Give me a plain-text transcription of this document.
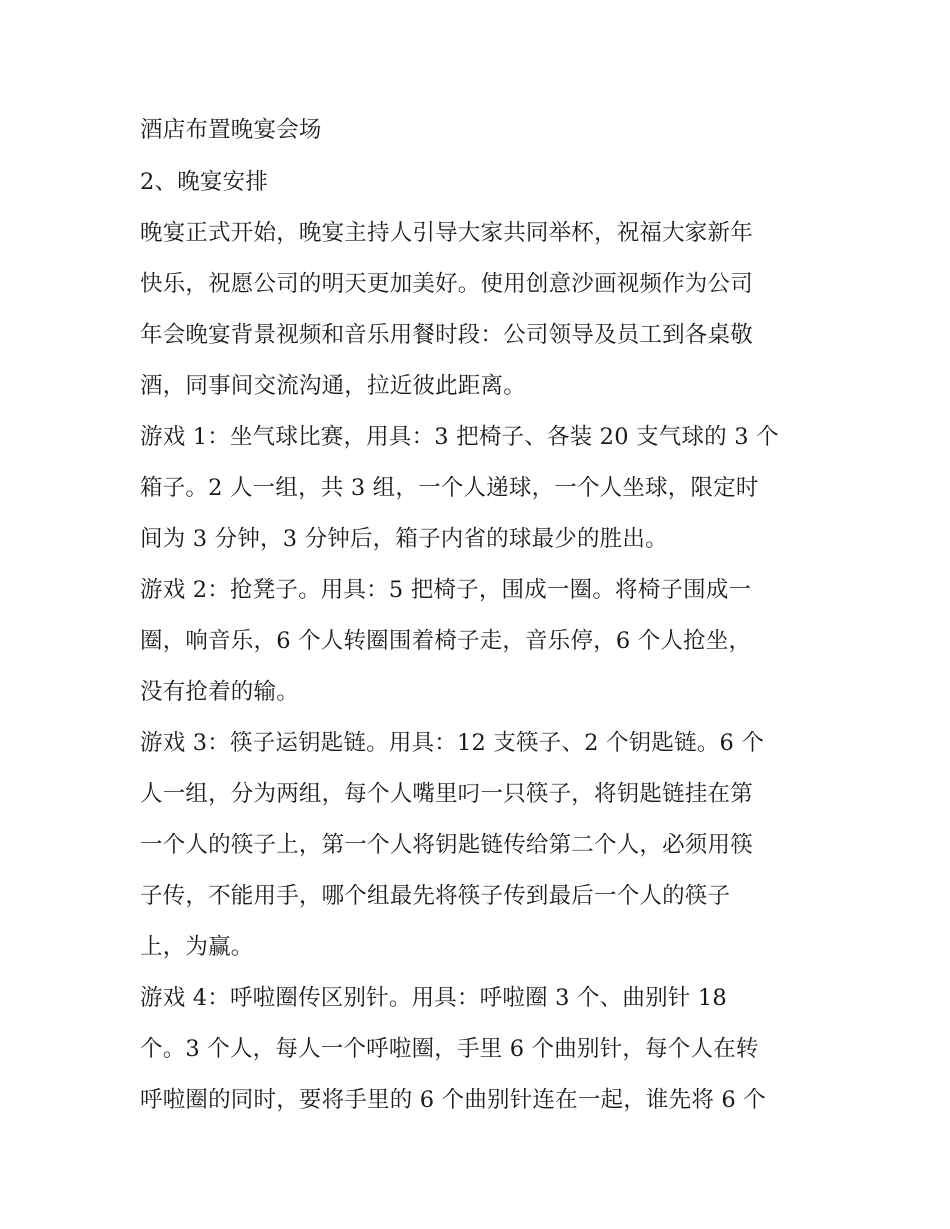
酒店布置晚宴会场

2、晚宴安排

晚宴正式开始，晚宴主持人引导大家共同举杯，祝福大家新年

快乐，祝愿公司的明天更加美好。使用创意沙画视频作为公司

年会晚宴背景视频和音乐用餐时段：公司领导及员工到各桌敬

酒，同事间交流沟通，拉近彼此距离。

游戏 1：坐气球比赛，用具：3 把椅子、各装 20 支气球的 3 个

箱子。2 人一组，共 3 组，一个人递球，一个人坐球，限定时

间为 3 分钟，3 分钟后，箱子内省的球最少的胜出。

游戏 2：抢凳子。用具：5 把椅子，围成一圈。将椅子围成一

圈，响音乐，6 个人转圈围着椅子走，音乐停，6 个人抢坐，

没有抢着的输。

游戏 3：筷子运钥匙链。用具：12 支筷子、2 个钥匙链。6 个

人一组，分为两组，每个人嘴里叼一只筷子，将钥匙链挂在第

一个人的筷子上，第一个人将钥匙链传给第二个人，必须用筷

子传，不能用手，哪个组最先将筷子传到最后一个人的筷子

上，为赢。

游戏 4：呼啦圈传区别针。用具：呼啦圈 3 个、曲别针 18

个。3 个人，每人一个呼啦圈，手里 6 个曲别针，每个人在转

呼啦圈的同时，要将手里的 6 个曲别针连在一起，谁先将 6 个
